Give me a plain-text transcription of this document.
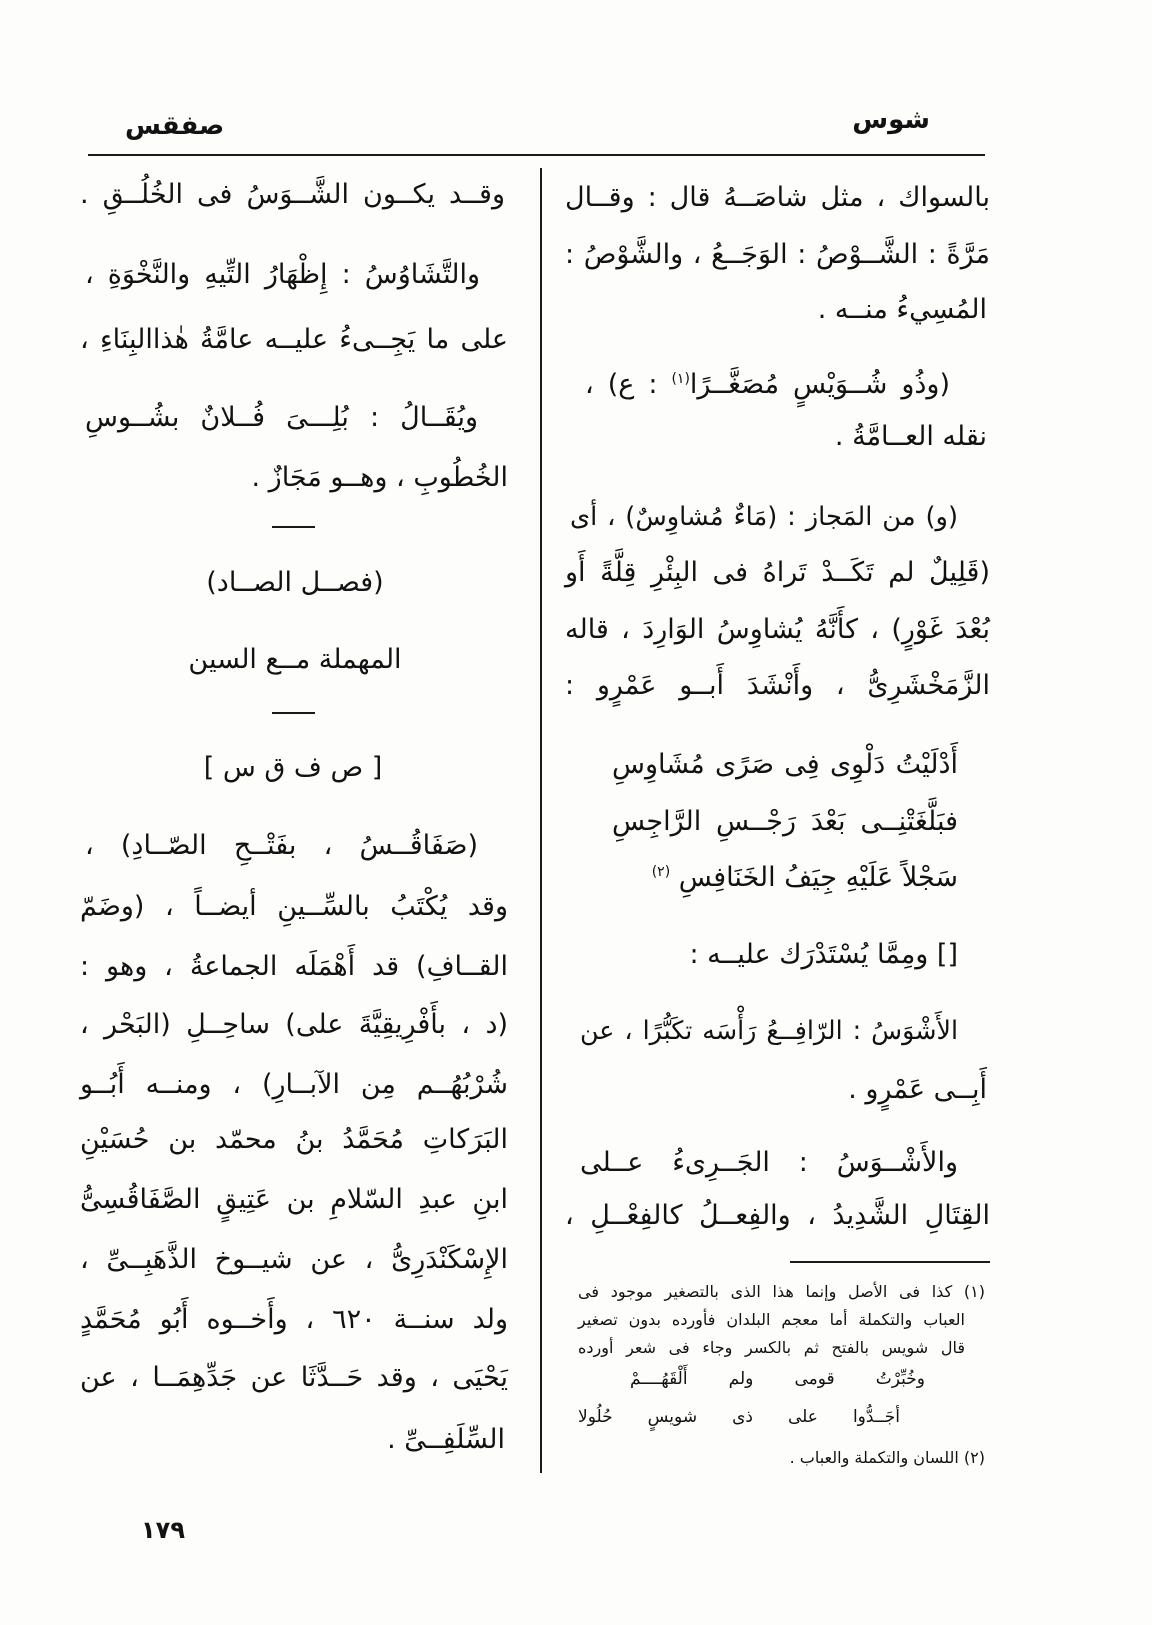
شوس
صفقس
بالسواك ، مثل شاصَــهُ قال : وقــال
مَرَّةً : الشَّــوْصُ : الوَجَــعُ ، والشَّوْصُ :
المُسِيءُ منــه .
(وذُو شُــوَيْسٍ مُصَغَّــرًا$^{(١)}$ : ع) ،
نقله العــامَّةُ .
(و) من المَجاز : (مَاءٌ مُشاوِسٌ) ، أى
(قَلِيلٌ لم تَكَــدْ تَراهُ فى البِئْرِ قِلَّةً أَو
بُعْدَ غَوْرٍ) ، كأَنَّهُ يُشاوِسُ الوَارِدَ ، قاله
الزَّمَخْشَرِىُّ ، وأَنْشَدَ أَبــو عَمْرٍو :
أَدْلَيْتُ دَلْوِى فِى صَرًى مُشَاوِسِ
فبَلَّغَتْنِــى بَعْدَ رَجْــسِ الرَّاجِسِ
سَجْلاً عَلَيْهِ جِيَفُ الخَنَافِسِ $^{(٢)}$
[] ومِمَّا يُسْتَدْرَك عليــه :
الأَشْوَسُ : الرّافِــعُ رَأْسَه تكَبُّرًا ، عن
أَبِــى عَمْرٍو .
والأَشْــوَسُ : الجَــرِىءُ عــلى
القِتَالِ الشَّدِيدُ ، والفِعــلُ كالفِعْــلِ ،
(١) كذا فى الأصل وإنما هذا الذى بالتصغير موجود فى
العباب والتكملة أما معجم البلدان فأورده بدون تصغير
قال شويس بالفتح ثم بالكسر وجاء فى شعر أورده
وخُبِّرْتُ قومى ولم أَلْقَهُــــمْ
أجَــدُّوا على ذى شويسٍ حُلُولا
(٢) اللسان والتكملة والعباب .
وقــد يكــون الشَّــوَسُ فى الخُلُــقِ .
والتَّشَاوُسُ : إِظْهَارُ التِّيهِ والنَّخْوَةِ ،
على ما يَجِــىءُ عليــه عامَّةُ هٰذاالبِنَاءِ ،
ويُقَــالُ : بُلِـــىَ فُــلانٌ بشُــوسِ
الخُطُوبِ ، وهــو مَجَازٌ .
(فصــل الصــاد)
المهملة مــع السين
[ ص ف ق س ]
(صَفَاقُــسُ ، بفَتْــحِ الصّــادِ) ،
وقد يُكْتَبُ بالسِّــينِ أيضــاً ، (وضَمّ
القــافِ) قد أَهْمَلَه الجماعةُ ، وهو :
(د ، بأَفْرِيقِيَّةَ على) ساحِــلِ (البَحْر ،
شُرْبُهُــم مِن الآبــارِ) ، ومنــه أَبُــو
البَرَكاتِ مُحَمَّدُ بنُ محمّد بن حُسَيْنِ
ابنِ عبدِ السّلامِ بن عَتِيقٍ الصَّفَاقُسِىُّ
الإِسْكَنْدَرِىُّ ، عن شيــوخ الذَّهَبِــىِّ ،
ولد سنــة ٦٢٠ ، وأَخــوه أَبُو مُحَمَّدٍ
يَحْيَى ، وقد حَــدَّثَا عن جَدِّهِمَــا ، عن
السِّلَفِــىِّ .
١٧٩
